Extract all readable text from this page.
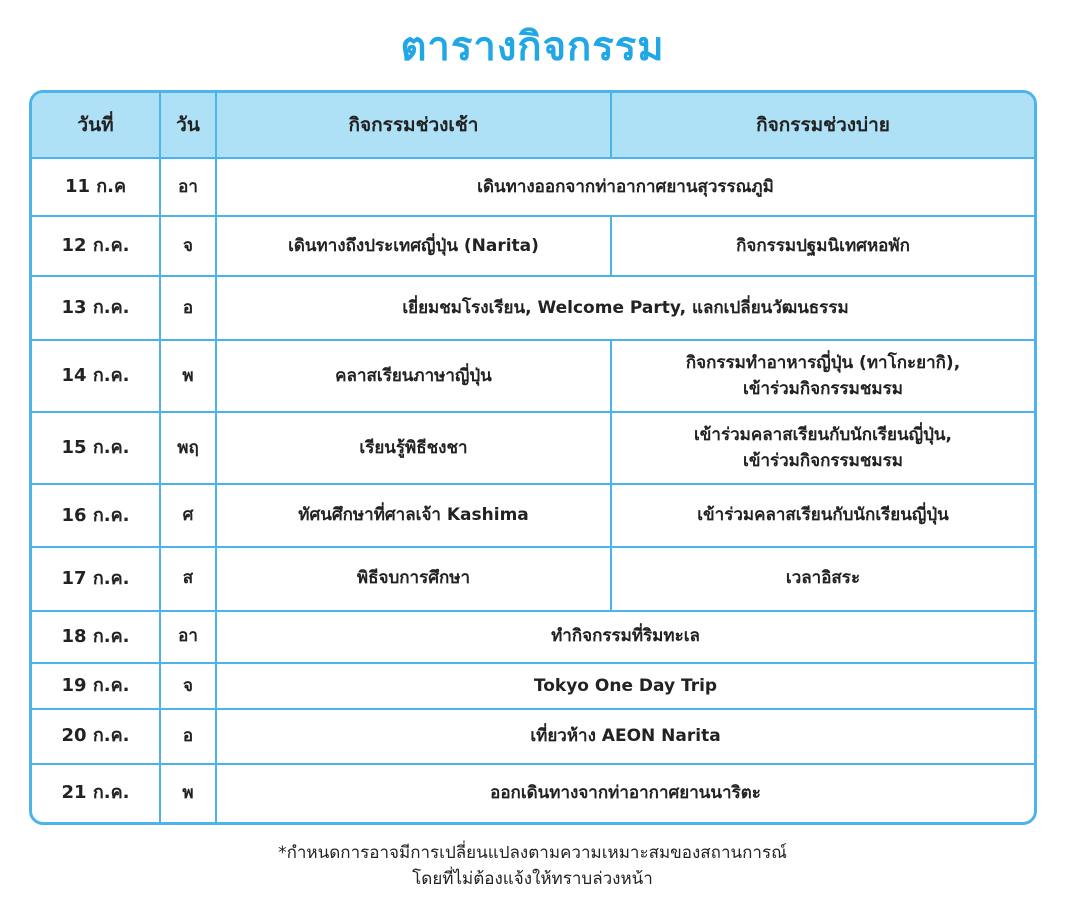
ตารางกิจกรรม
วันที่	วัน	กิจกรรมช่วงเช้า	กิจกรรมช่วงบ่าย
11 ก.ค	อา	เดินทางออกจากท่าอากาศยานสุวรรณภูมิ	
12 ก.ค.	จ	เดินทางถึงประเทศญี่ปุ่น (Narita)	กิจกรรมปฐมนิเทศหอพัก
13 ก.ค.	อ	เยี่ยมชมโรงเรียน, Welcome Party, แลกเปลี่ยนวัฒนธรรม	
14 ก.ค.	พ	คลาสเรียนภาษาญี่ปุ่น	กิจกรรมทำอาหารญี่ปุ่น (ทาโกะยากิ),
เข้าร่วมกิจกรรมชมรม

15 ก.ค.	พฤ	เรียนรู้พิธีชงชา	เข้าร่วมคลาสเรียนกับนักเรียนญี่ปุ่น,
เข้าร่วมกิจกรรมชมรม

16 ก.ค.	ศ	ทัศนศึกษาที่ศาลเจ้า Kashima	เข้าร่วมคลาสเรียนกับนักเรียนญี่ปุ่น
17 ก.ค.	ส	พิธีจบการศึกษา	เวลาอิสระ
18 ก.ค.	อา	ทำกิจกรรมที่ริมทะเล	
19 ก.ค.	จ	Tokyo One Day Trip	
20 ก.ค.	อ	เที่ยวห้าง AEON Narita	
21 ก.ค.	พ	ออกเดินทางจากท่าอากาศยานนาริตะ	
*กำหนดการอาจมีการเปลี่ยนแปลงตามความเหมาะสมของสถานการณ์
โดยที่ไม่ต้องแจ้งให้ทราบล่วงหน้า
